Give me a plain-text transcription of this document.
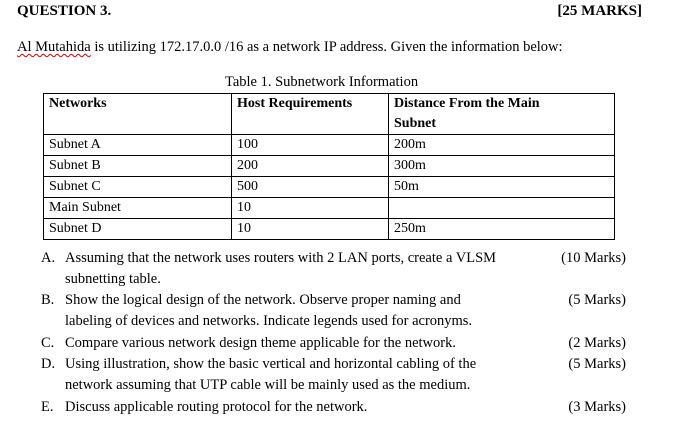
QUESTION 3.	[25 MARKS]
Al Mutahida is utilizing 172.17.0.0 /16 as a network IP address. Given the information below:
Table 1. Subnetwork Information
Networks	Host Requirements	Distance From the Main
		Subnet
Subnet A	100	200m
Subnet B	200	300m
Subnet C	500	50m
Main Subnet	10	
Subnet D	10	250m
A. Assuming that the network uses routers with 2 LAN ports, create a VLSM
subnetting table.
(10 Marks)
B. Show the logical design of the network. Observe proper naming and
labeling of devices and networks. Indicate legends used for acronyms.
(5 Marks)
C. Compare various network design theme applicable for the network.	(2 Marks)
D. Using illustration, show the basic vertical and horizontal cabling of the
network assuming that UTP cable will be mainly used as the medium.
(5 Marks)
E. Discuss applicable routing protocol for the network.	(3 Marks)
